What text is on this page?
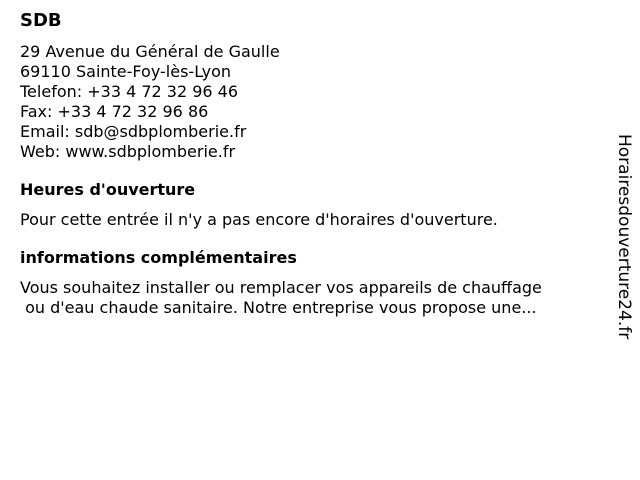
SDB
29 Avenue du Général de Gaulle
69110 Sainte-Foy-lès-Lyon
Telefon: +33 4 72 32 96 46
Fax: +33 4 72 32 96 86
Email: sdb@sdbplomberie.fr
Web: www.sdbplomberie.fr
Heures d'ouverture
Pour cette entrée il n'y a pas encore d'horaires d'ouverture.
informations complémentaires
Vous souhaitez installer ou remplacer vos appareils de chauffage
ou d'eau chaude sanitaire. Notre entreprise vous propose une...	Horairesdouverture24.fr
